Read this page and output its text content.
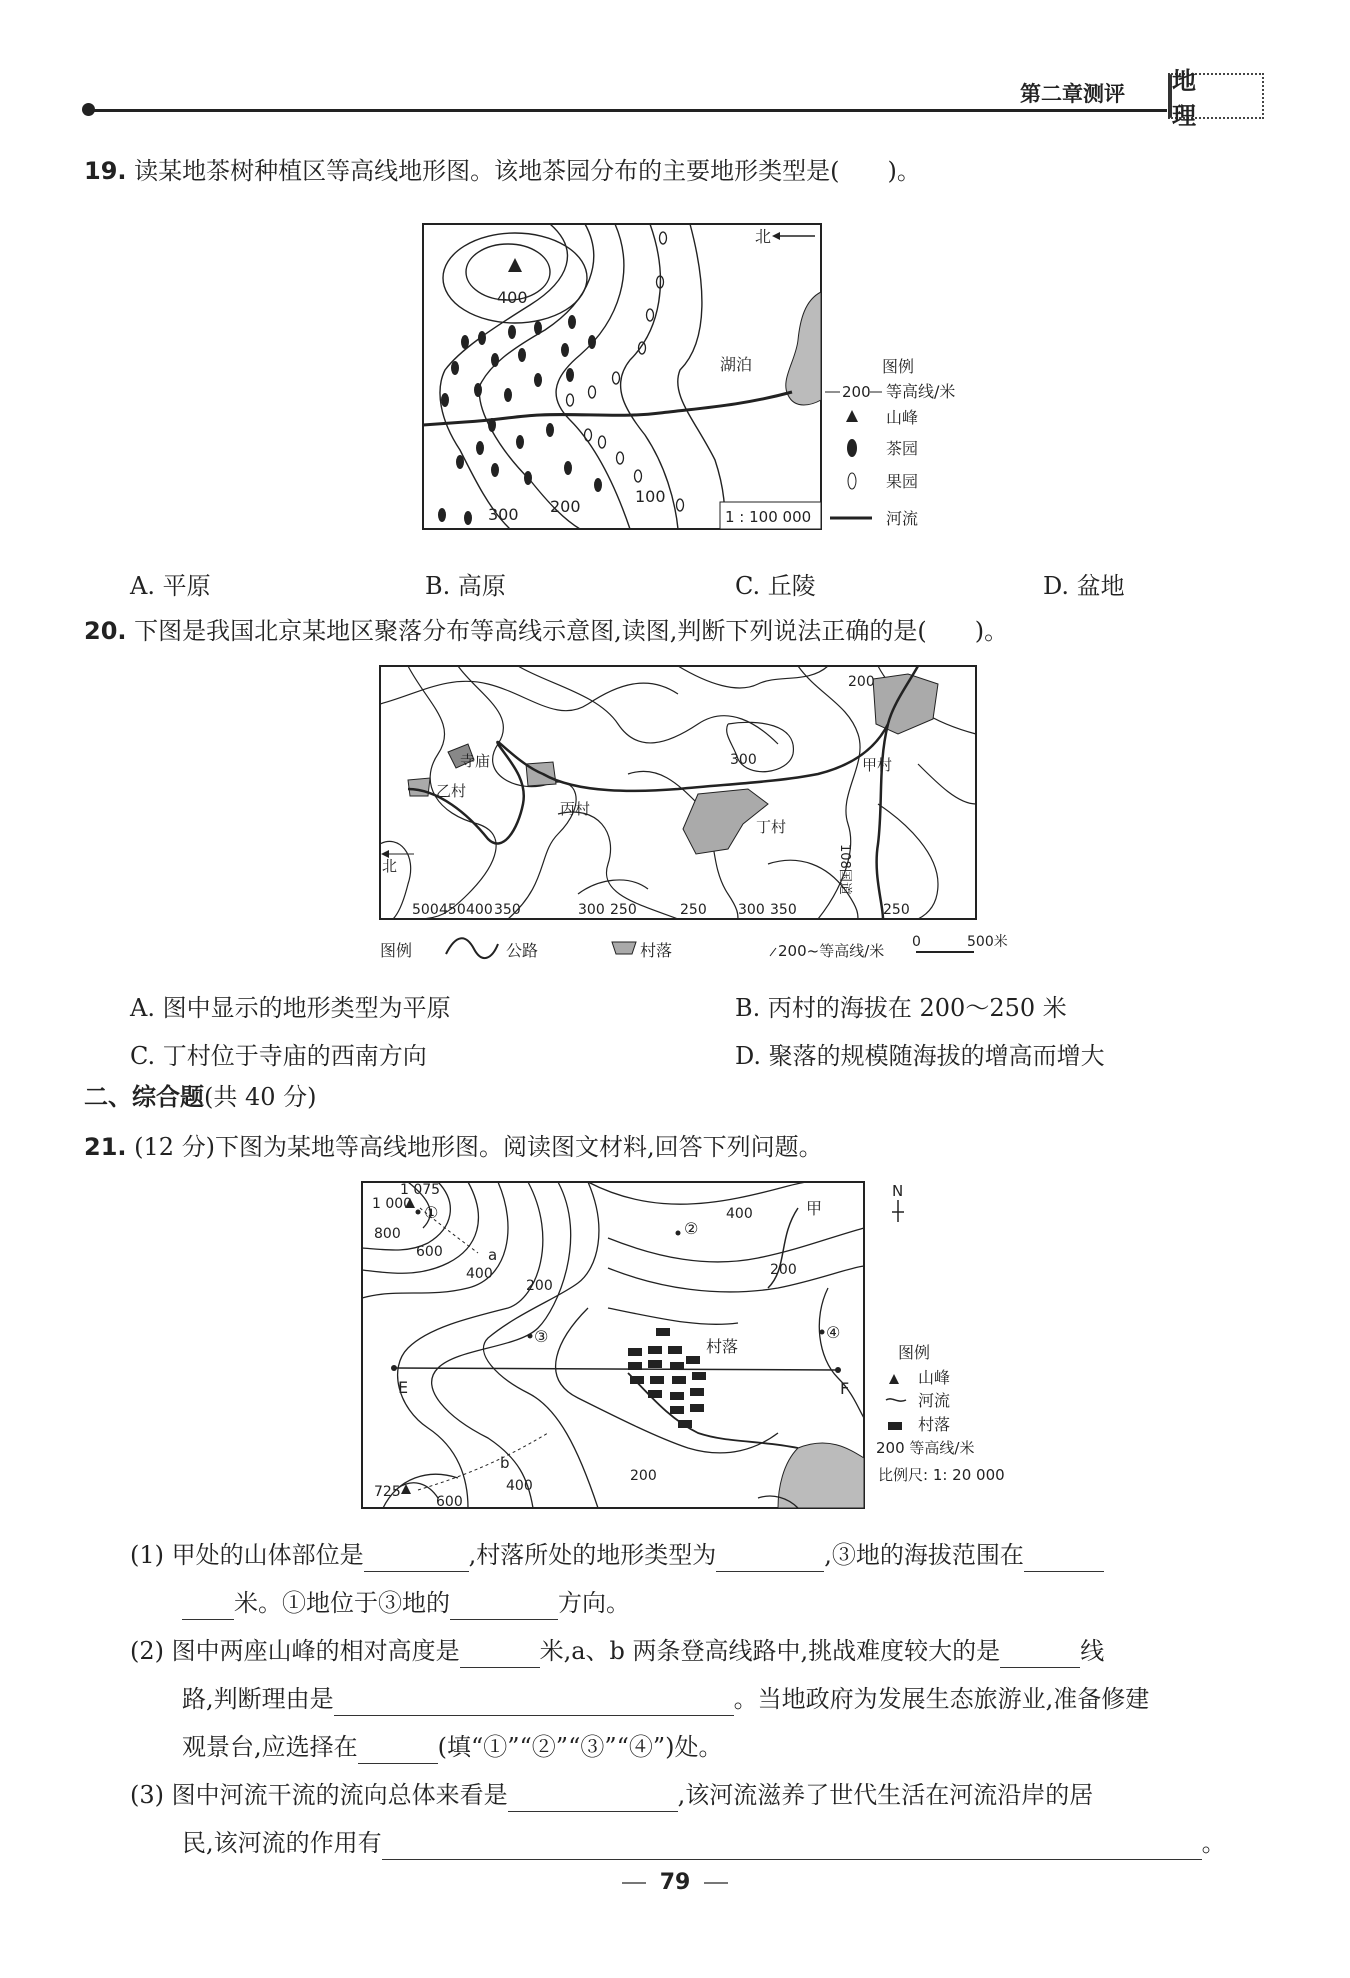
第二章测评 地 理
19. 读某地茶树种植区等高线地形图。该地茶园分布的主要地形类型是(　　)。
400
300 200
100
湖泊
北
1 : 100 000
图例
200 等高线/米
山峰
茶园
果园
河流
A. 平原	B. 高原	C. 丘陵	D. 盆地
20. 下图是我国北京某地区聚落分布等高线示意图,读图,判断下列说法正确的是(　　)。
寺庙
乙村
丙村
丁村
甲村
200
300
108国道
北
500 450 400 350	300 250	250 300 350	250
图例	公路	村落	200~等高线/米 0	500米
A. 图中显示的地形类型为平原	B. 丙村的海拔在 200～250 米
C. 丁村位于寺庙的西南方向	D. 聚落的规模随海拔的增高而增大
二、综合题(共 40 分)
21. (12 分)下图为某地等高线地形图。阅读图文材料,回答下列问题。
E	F
a
b
1 075
725
1 000
800
600
400
200
400
200
200
400
600
①
②
③	④
甲
村落
N
图例
山峰
河流
村落
200 等高线/米
比例尺: 1: 20 000
(1) 甲处的山体部位是	,村落所处的地形类型为	,③地的海拔范围在
米。①地位于③地的	方向。
(2) 图中两座山峰的相对高度是	米,a、b 两条登高线路中,挑战难度较大的是	线
路,判断理由是	。当地政府为发展生态旅游业,准备修建
观景台,应选择在	(填“①”“②”“③”“④”)处。
(3) 图中河流干流的流向总体来看是	,该河流滋养了世代生活在河流沿岸的居
民,该河流的作用有	。
79
